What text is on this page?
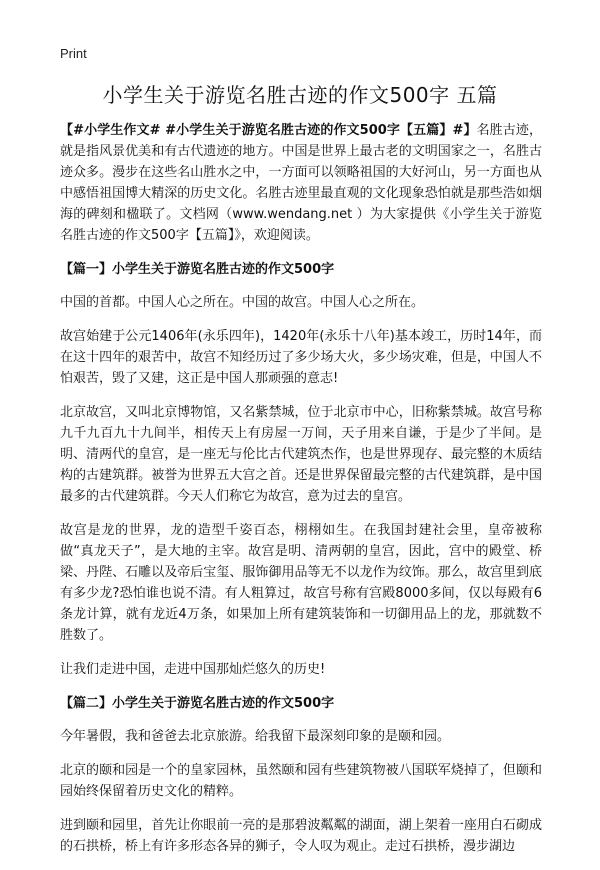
Print
小学生关于游览名胜古迹的作文500字 五篇

【#小学生作文# #小学生关于游览名胜古迹的作文500字【五篇】#】名胜古迹，就是指风景优美和有古代遗迹的地方。中国是世界上最古老的文明国家之一，名胜古迹众多。漫步在这些名山胜水之中，一方面可以领略祖国的大好河山，另一方面也从中感悟祖国博大精深的历史文化。名胜古迹里最直观的文化现象恐怕就是那些浩如烟海的碑刻和楹联了。文档网（www.wendang.net ）为大家提供《小学生关于游览名胜古迹的作文500字【五篇】》，欢迎阅读。

【篇一】小学生关于游览名胜古迹的作文500字

中国的首都。中国人心之所在。中国的故宫。中国人心之所在。

故宫始建于公元1406年(永乐四年)，1420年(永乐十八年)基本竣工，历时14年，而在这十四年的艰苦中，故宫不知经历过了多少场大火，多少场灾难，但是，中国人不怕艰苦，毁了又建，这正是中国人那顽强的意志!

北京故宫，又叫北京博物馆，又名紫禁城，位于北京市中心，旧称紫禁城。故宫号称九千九百九十九间半，相传天上有房屋一万间，天子用来自谦，于是少了半间。是明、清两代的皇宫，是一座无与伦比古代建筑杰作，也是世界现存、最完整的木质结构的古建筑群。被誉为世界五大宫之首。还是世界保留最完整的古代建筑群，是中国最多的古代建筑群。今天人们称它为故宫，意为过去的皇宫。

故宫是龙的世界，龙的造型千姿百态，栩栩如生。在我国封建社会里，皇帝被称做“真龙天子”，是大地的主宰。故宫是明、清两朝的皇宫，因此，宫中的殿堂、桥梁、丹陛、石雕以及帝后宝玺、服饰御用品等无不以龙作为纹饰。那么，故宫里到底有多少龙?恐怕谁也说不清。有人粗算过，故宫号称有宫殿8000多间，仅以每殿有6条龙计算，就有龙近4万条，如果加上所有建筑装饰和一切御用品上的龙，那就数不胜数了。

让我们走进中国，走进中国那灿烂悠久的历史!

【篇二】小学生关于游览名胜古迹的作文500字

今年暑假，我和爸爸去北京旅游。给我留下最深刻印象的是颐和园。

北京的颐和园是一个的皇家园林，虽然颐和园有些建筑物被八国联军烧掉了，但颐和园始终保留着历史文化的精粹。

进到颐和园里，首先让你眼前一亮的是那碧波粼粼的湖面，湖上架着一座用白石砌成的石拱桥，桥上有许多形态各异的狮子，令人叹为观止。走过石拱桥，漫步湖边
